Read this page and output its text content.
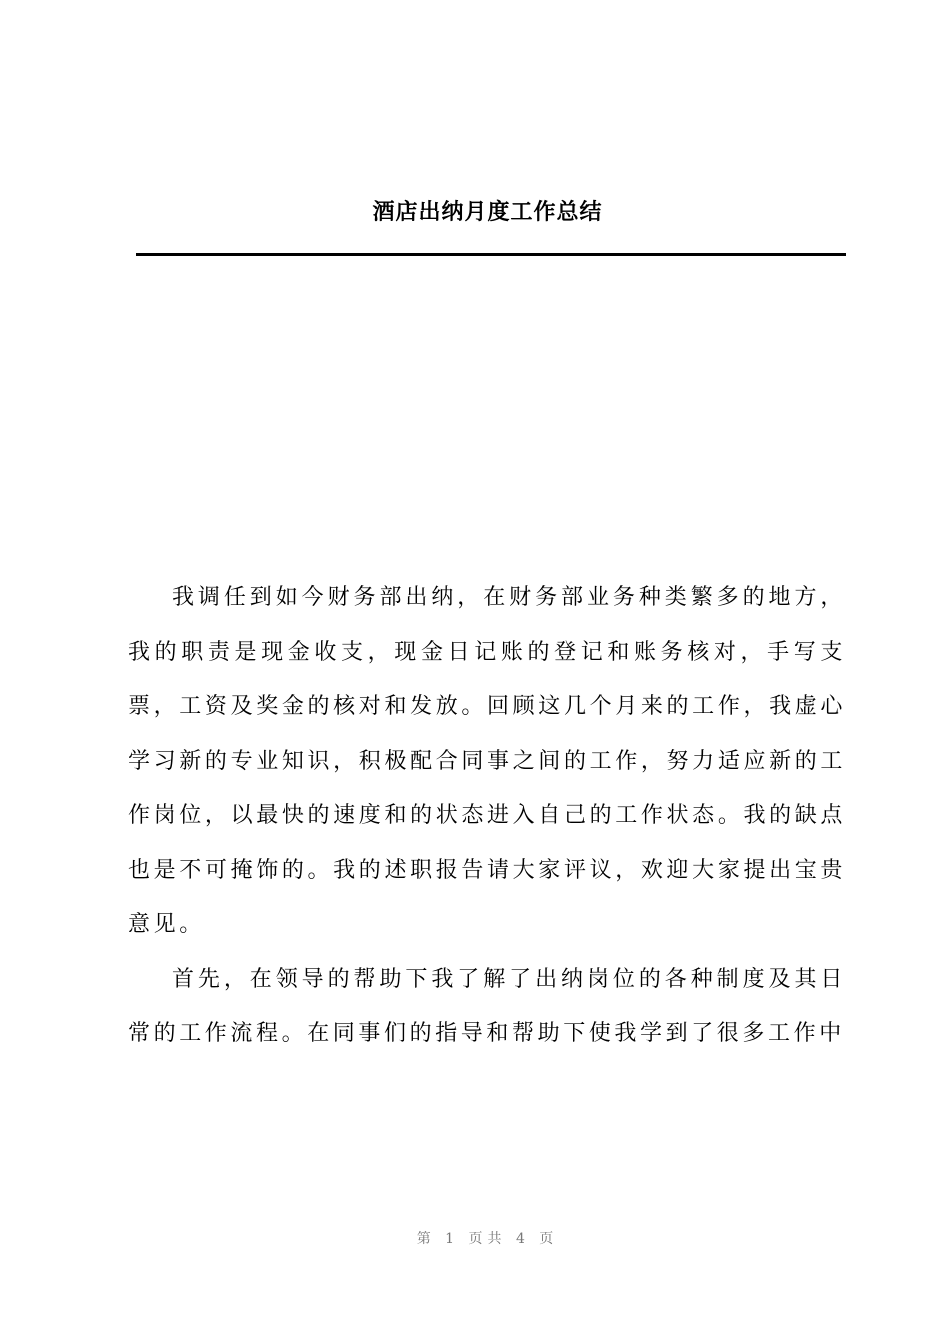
酒店出纳月度工作总结

我调任到如今财务部出纳，在财务部业务种类繁多的地方，我的职责是现金收支，现金日记账的登记和账务核对，手写支票，工资及奖金的核对和发放。回顾这几个月来的工作，我虚心学习新的专业知识，积极配合同事之间的工作，努力适应新的工作岗位，以最快的速度和的状态进入自己的工作状态。我的缺点也是不可掩饰的。我的述职报告请大家评议，欢迎大家提出宝贵意见。

首先，在领导的帮助下我了解了出纳岗位的各种制度及其日常的工作流程。在同事们的指导和帮助下使我学到了很多工作中

第 1 页共 4 页
